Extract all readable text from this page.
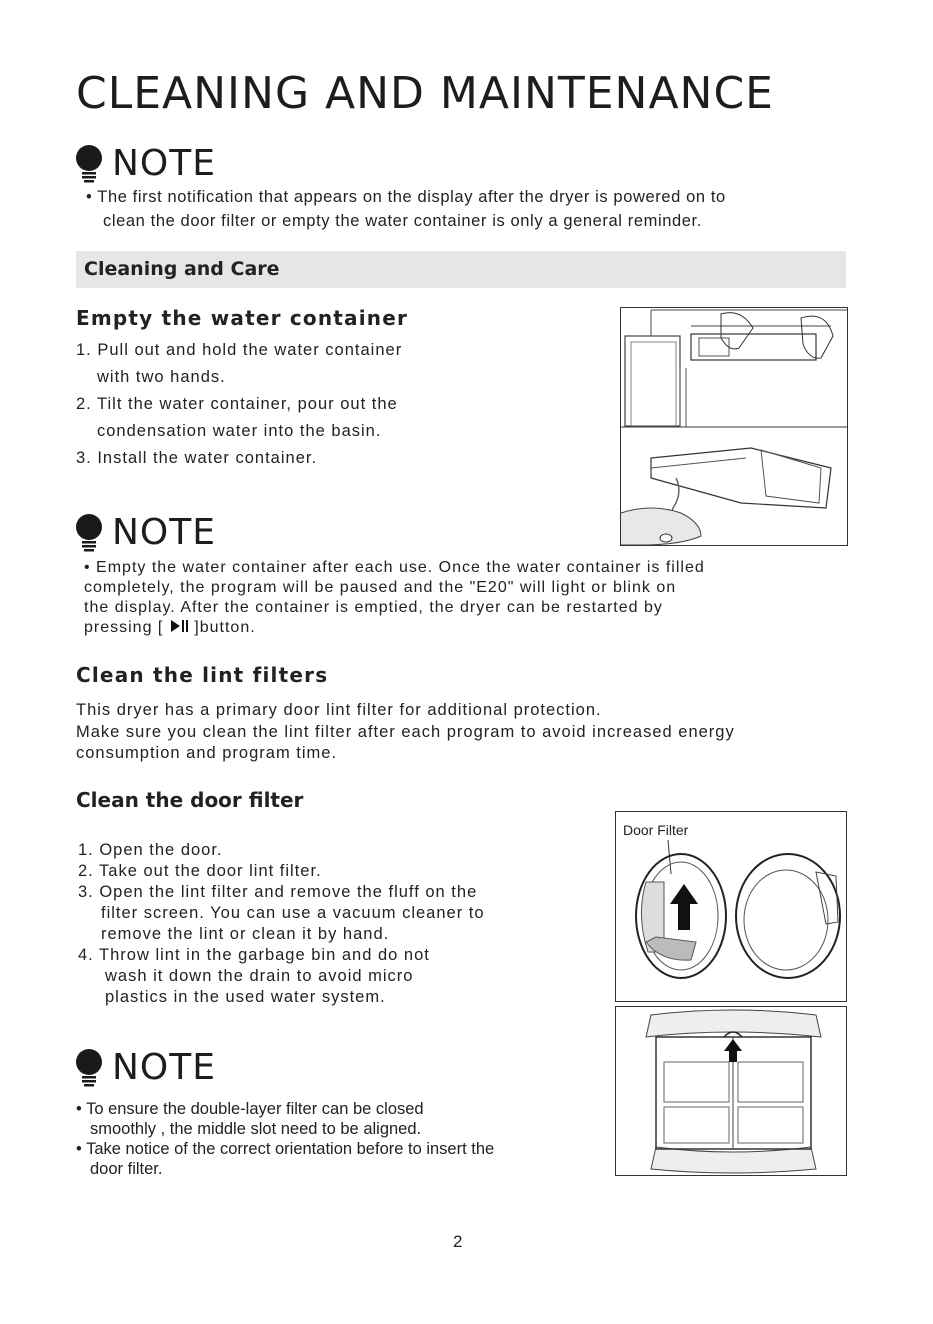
CLEANING AND MAINTENANCE
NOTE
• The first notification that appears on the display after the dryer is powered on to
clean the door filter or empty the water container is only a general reminder.
Cleaning and Care
Empty the water container
1. Pull out and hold the water container
with two hands.
2. Tilt the water container, pour out the
condensation water into the basin.
3. Install the water container.
NOTE
• Empty the water container after each use. Once the water container is filled
completely, the program will be paused and the "E20" will light or blink on
the display. After the container is emptied, the dryer can be restarted by
pressing [ ]button.
Clean the lint filters
This dryer has a primary door lint filter for additional protection.
Make sure you clean the lint filter after each program to avoid increased energy
consumption and program time.
Clean the door filter
1. Open the door.
2. Take out the door lint filter.
3. Open the lint filter and remove the fluff on the
filter screen. You can use a vacuum cleaner to
remove the lint or clean it by hand.
4. Throw lint in the garbage bin and do not
wash it down the drain to avoid micro
plastics in the used water system.
Door Filter
NOTE
• To ensure the double-layer filter can be closed
smoothly , the middle slot need to be aligned.
• Take notice of the correct orientation before to insert the
door filter.
2
